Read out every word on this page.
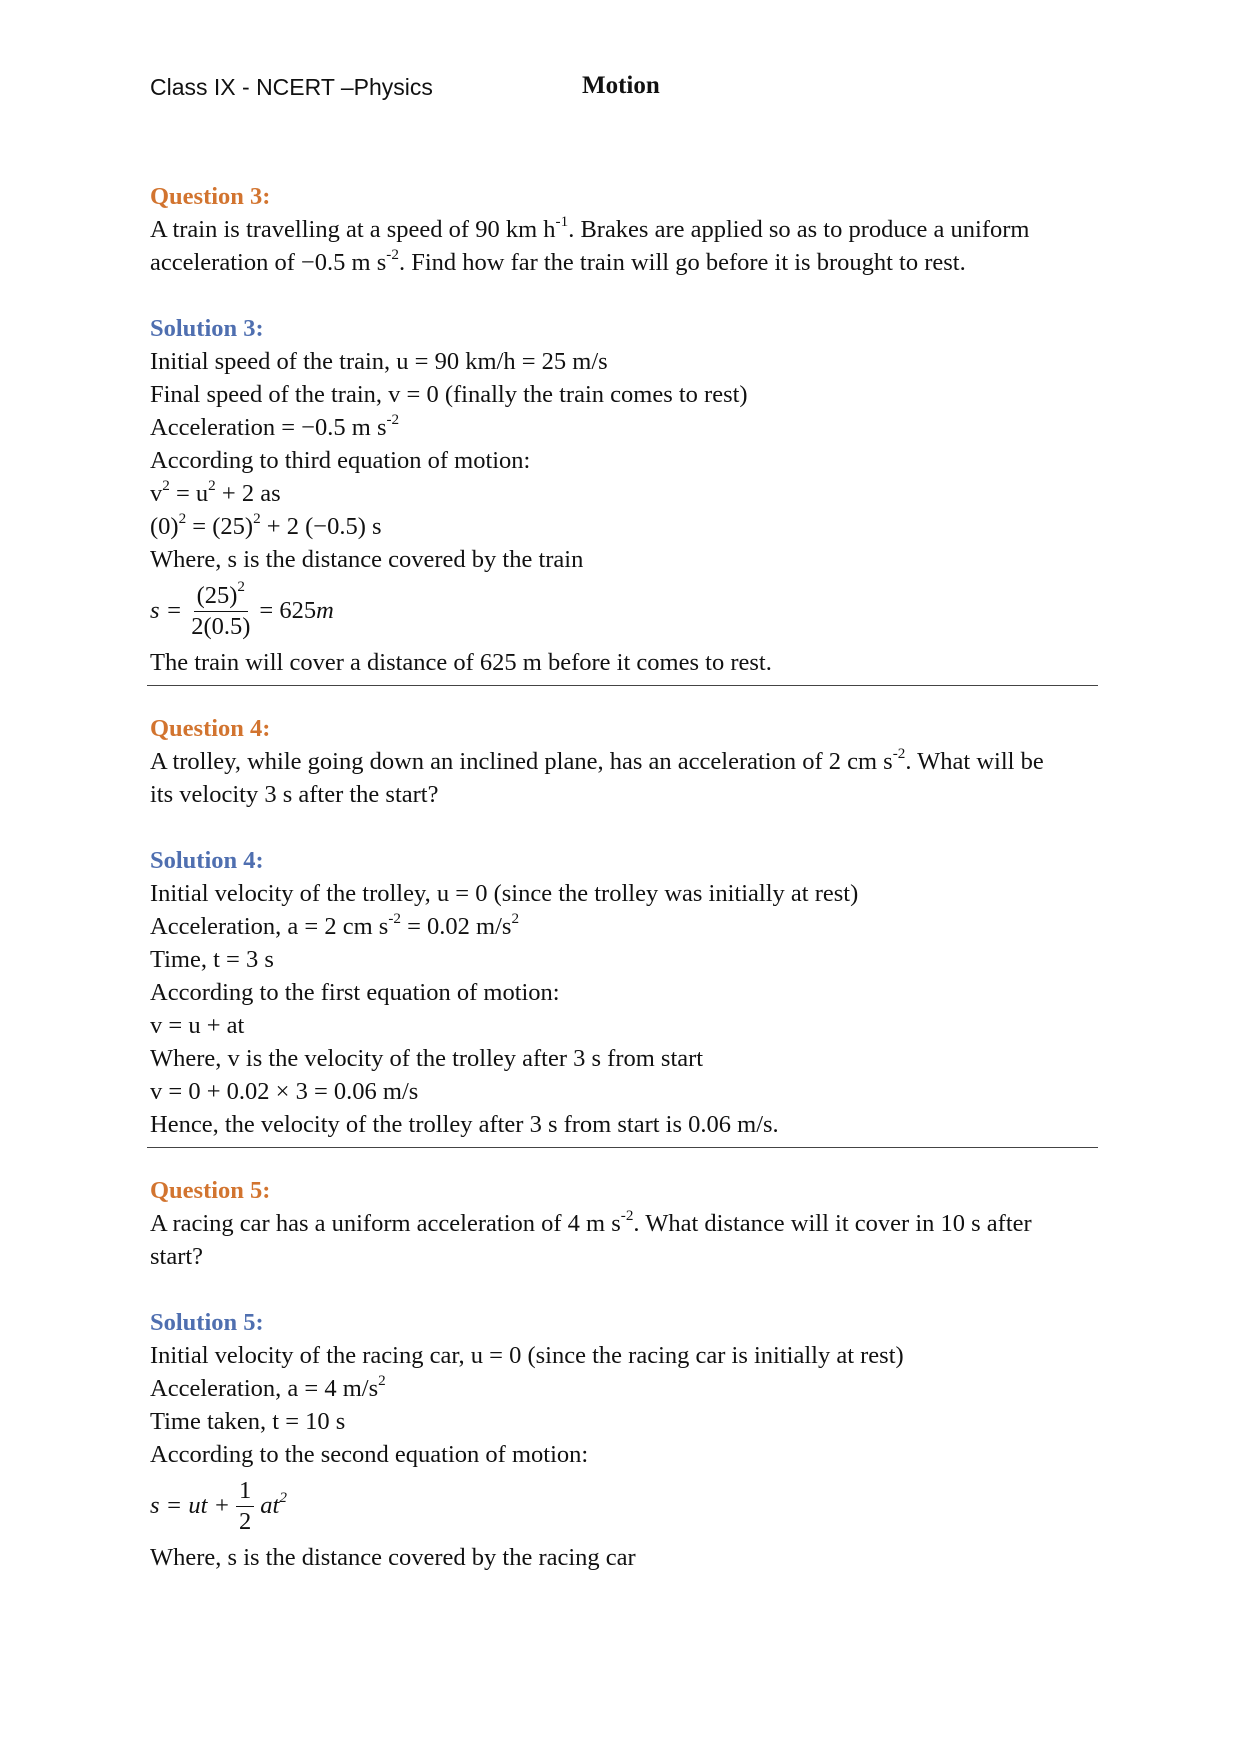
Class IX - NCERT –Physics	Motion

Question 3:

A train is travelling at a speed of 90 km $h^{-1}$. Brakes are applied so as to produce a uniform

acceleration of −0.5 m $s^{-2}$. Find how far the train will go before it is brought to rest.

Solution 3:

Initial speed of the train, u = 90 km/h = 25 m/s

Final speed of the train, v = 0 (finally the train comes to rest)

Acceleration = −0.5 m $s^{-2}$

According to third equation of motion:

$v^2 = u^2 + 2$ as

$(0)^2 = (25)^2 + 2$ (−0.5) s

Where, s is the distance covered by the train

$s = \frac{(25)^2}{2(0.5)} = 625$ m

The train will cover a distance of 625 m before it comes to rest.

Question 4:

A trolley, while going down an inclined plane, has an acceleration of 2 cm $s^{-2}$. What will be

its velocity 3 s after the start?

Solution 4:

Initial velocity of the trolley, u = 0 (since the trolley was initially at rest)

Acceleration, a = 2 cm $s^{-2} = 0.02$ $m/s^2$

Time, t = 3 s

According to the first equation of motion:

v = u + at

Where, v is the velocity of the trolley after 3 s from start

v = 0 + 0.02 × 3 = 0.06 m/s

Hence, the velocity of the trolley after 3 s from start is 0.06 m/s.

Question 5:

A racing car has a uniform acceleration of 4 m $s^{-2}$. What distance will it cover in 10 s after

start?

Solution 5:

Initial velocity of the racing car, u = 0 (since the racing car is initially at rest)

Acceleration, a = 4 $m/s^2$

Time taken, t = 10 s

According to the second equation of motion:

s = ut + $\frac{1}{2} at^2$

Where, s is the distance covered by the racing car
